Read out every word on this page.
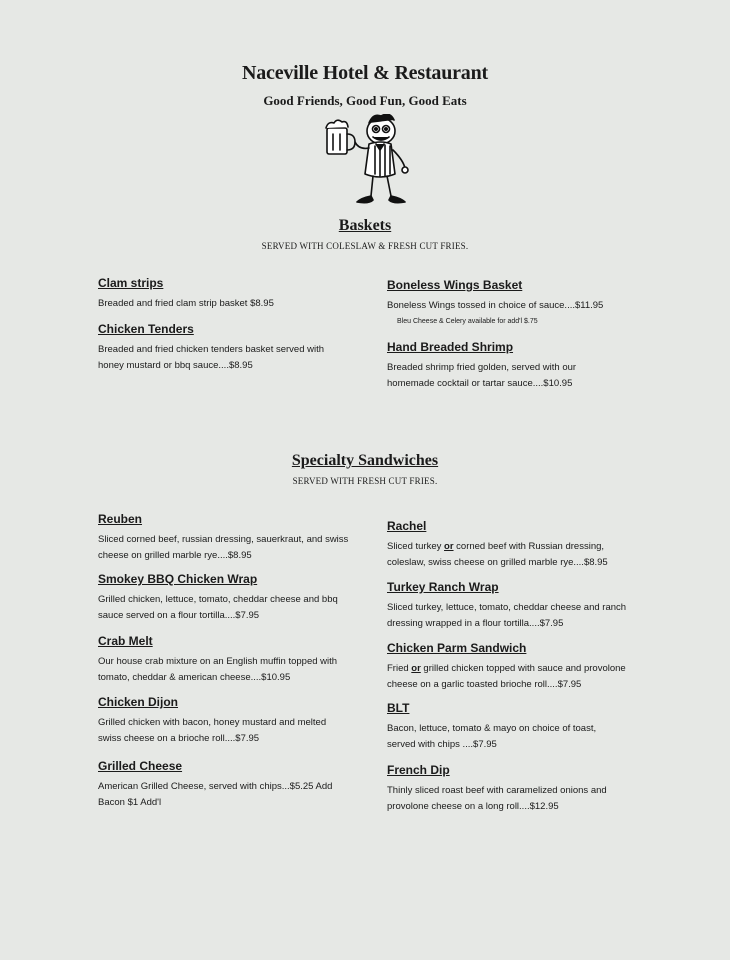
Naceville Hotel & Restaurant

Good Friends, Good Fun, Good Eats

Baskets

SERVED WITH COLESLAW & FRESH CUT FRIES.

Clam strips

Breaded and fried clam strip basket $8.95

Chicken Tenders

Breaded and fried chicken tenders basket served with honey mustard or bbq sauce....$8.95

Boneless Wings Basket

Boneless Wings tossed in choice of sauce....$11.95

Bleu Cheese & Celery available for add'l $.75

Hand Breaded Shrimp

Breaded shrimp fried golden, served with our homemade cocktail or tartar sauce....$10.95

Specialty Sandwiches

SERVED WITH FRESH CUT FRIES.

Reuben

Sliced corned beef, russian dressing, sauerkraut, and swiss cheese on grilled marble rye....$8.95

Smokey BBQ Chicken Wrap

Grilled chicken, lettuce, tomato, cheddar cheese and bbq sauce served on a flour tortilla....$7.95

Crab Melt

Our house crab mixture on an English muffin topped with tomato, cheddar & american cheese....$10.95

Chicken Dijon

Grilled chicken with bacon, honey mustard and melted swiss cheese on a brioche roll....$7.95

Grilled Cheese

American Grilled Cheese, served with chips...$5.25 Add Bacon $1 Add'l

Rachel

Sliced turkey or corned beef with Russian dressing, coleslaw, swiss cheese on grilled marble rye....$8.95

Turkey Ranch Wrap

Sliced turkey, lettuce, tomato, cheddar cheese and ranch dressing wrapped in a flour tortilla....$7.95

Chicken Parm Sandwich

Fried or grilled chicken topped with sauce and provolone cheese on a garlic toasted brioche roll....$7.95

BLT

Bacon, lettuce, tomato & mayo on choice of toast, served with chips ....$7.95

French Dip

Thinly sliced roast beef with caramelized onions and provolone cheese on a long roll....$12.95
